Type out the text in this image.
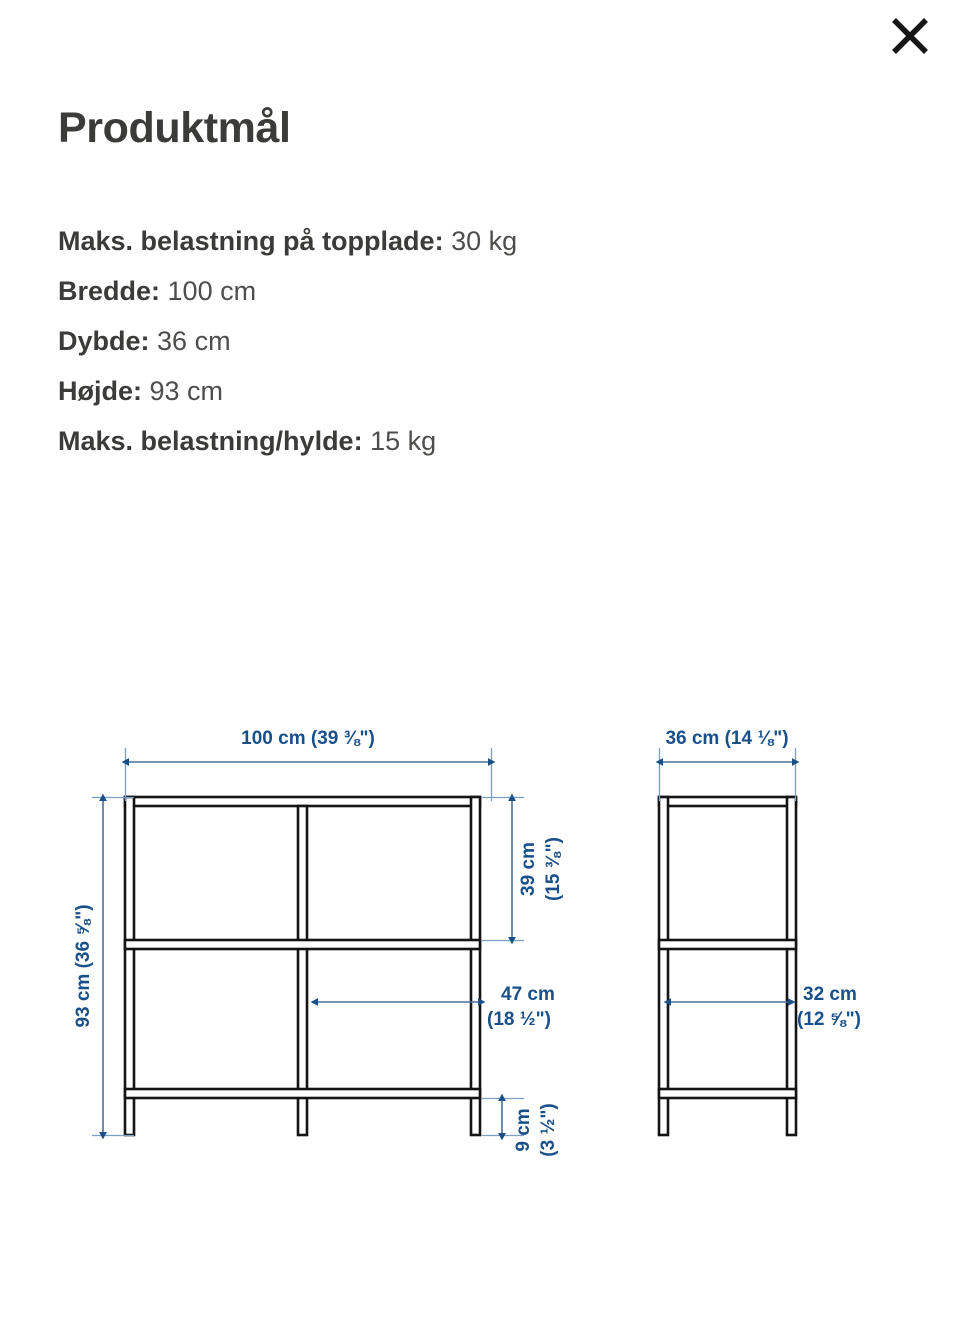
Produktmål
Maks. belastning på topplade: 30 kg
Bredde: 100 cm
Dybde: 36 cm
Højde: 93 cm
Maks. belastning/hylde: 15 kg
100 cm (39 ⅜")
93 cm (36 ⅝")
39 cm (15 ⅜")
47 cm
(18 ½")
9 cm (3 ½")
36 cm (14 ⅛")
32 cm
(12 ⅝")
